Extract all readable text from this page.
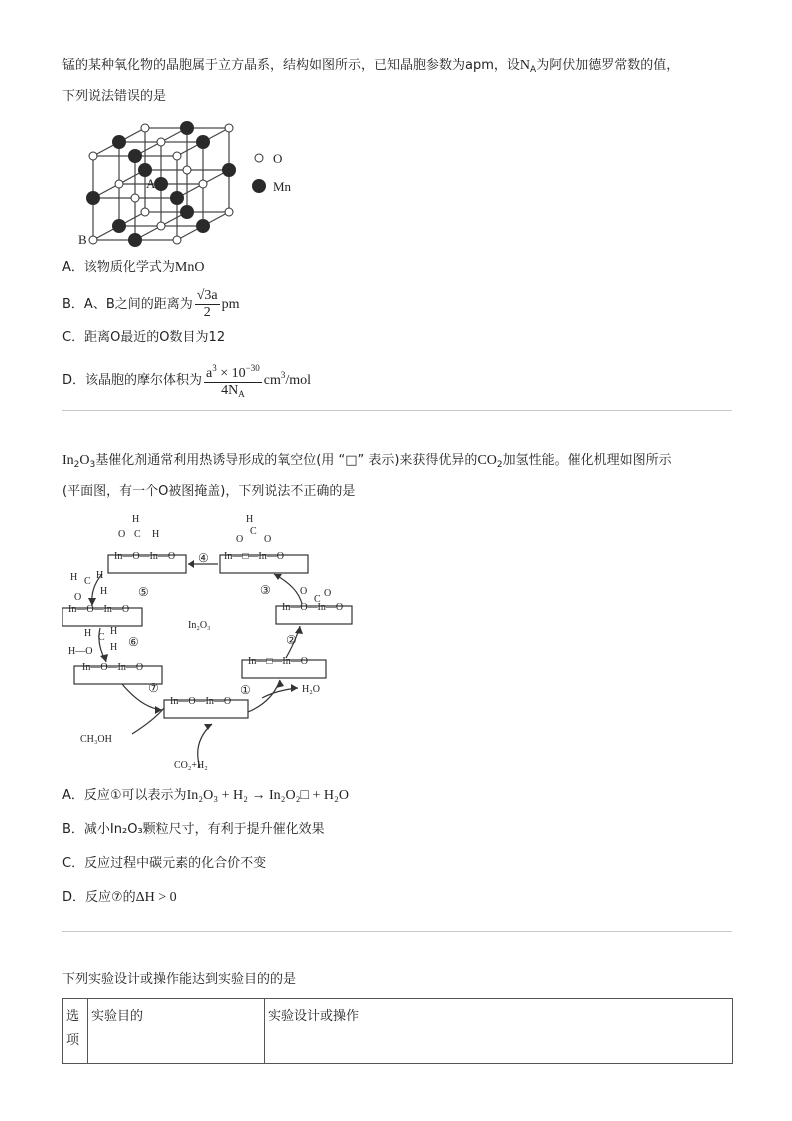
锰的某种氧化物的晶胞属于立方晶系，结构如图所示，已知晶胞参数为apm，设$N_A$为阿伏加德罗常数的值，
下列说法错误的是
A
B
O
Mn
A．该物质化学式为MnO
B．A、B之间的距离为 $\frac{√3a}{2}$ pm
C．距离O最近的O数目为12
D．该晶胞的摩尔体积为 $\frac{a^3 \times 10^{-30}}{4N_A} cm^3/mol$
$In_2O_3$基催化剂通常利用热诱导形成的氧空位(用 “□” 表示)来获得优异的$CO_2$加氢性能。催化机理如图所示
(平面图，有一个O被图掩盖)，下列说法不正确的是
In—O—In—O	In—□—In—O
In—O—In—O	In—O—In—O
In—O—In—O
In—□—In—O
In—O—In—O
H
O C H
H
O
C
O
H C
H
H
O
O
C
O
H C
H
H
H—O
①
②
③
④
⑤
⑥
⑦
In₂O₃
H₂O
CH₃OH
CO₂+H₂
A．反应①可以表示为In₂O₃ + H₂ → In₂O₂□ + H₂O
B．减小In₂O₃颗粒尺寸，有利于提升催化效果
C．反应过程中碳元素的化合价不变
D．反应⑦的ΔH > 0
下列实验设计或操作能达到实验目的的是
选项	实验目的	实验设计或操作
